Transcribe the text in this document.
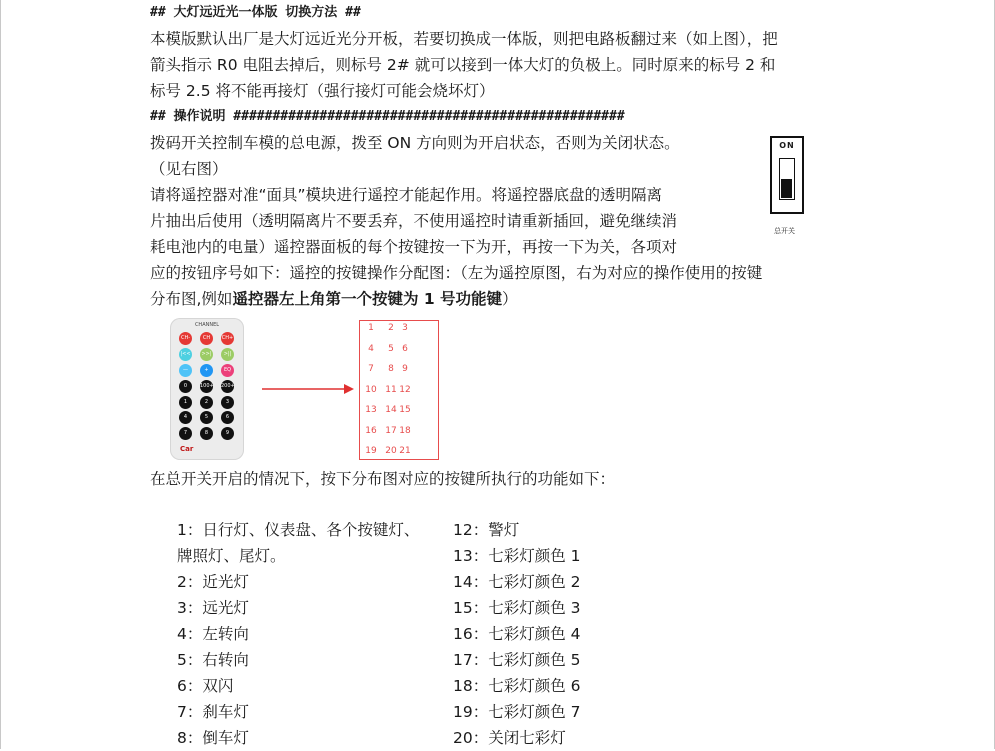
## 大灯远近光一体版 切换方法 ##
本模版默认出厂是大灯远近光分开板，若要切换成一体版，则把电路板翻过来（如上图），把
箭头指示 R0 电阻去掉后，则标号 2# 就可以接到一体大灯的负极上。同时原来的标号 2 和
标号 2.5 将不能再接灯（强行接灯可能会烧坏灯）
## 操作说明 ##################################################
拨码开关控制车模的总电源，拨至 ON 方向则为开启状态，否则为关闭状态。
（见右图）
请将遥控器对准“面具”模块进行遥控才能起作用。将遥控器底盘的透明隔离
片抽出后使用（透明隔离片不要丢弃，不使用遥控时请重新插回，避免继续消
耗电池内的电量）遥控器面板的每个按键按一下为开，再按一下为关，各项对
应的按钮序号如下：遥控的按键操作分配图：（左为遥控原图，右为对应的操作使用的按键
分布图,例如遥控器左上角第一个按键为 1 号功能键）
ON
总开关
CHANNEL
Car
CH-	CH	CH+
|<< >>|	>||
—	+	EQ
0	100+ 200+
1	2	3
4	5	6
7	8	9
1	2 3
4	5 6
7	8 9
10 11 12
13 14 15
16 17 18
19 20 21
在总开关开启的情况下，按下分布图对应的按键所执行的功能如下：
1：日行灯、仪表盘、各个按键灯、
牌照灯、尾灯。
2：近光灯
3：远光灯
4：左转向
5：右转向
6：双闪
7：刹车灯
8：倒车灯
12：警灯
13：七彩灯颜色 1
14：七彩灯颜色 2
15：七彩灯颜色 3
16：七彩灯颜色 4
17：七彩灯颜色 5
18：七彩灯颜色 6
19：七彩灯颜色 7
20：关闭七彩灯
